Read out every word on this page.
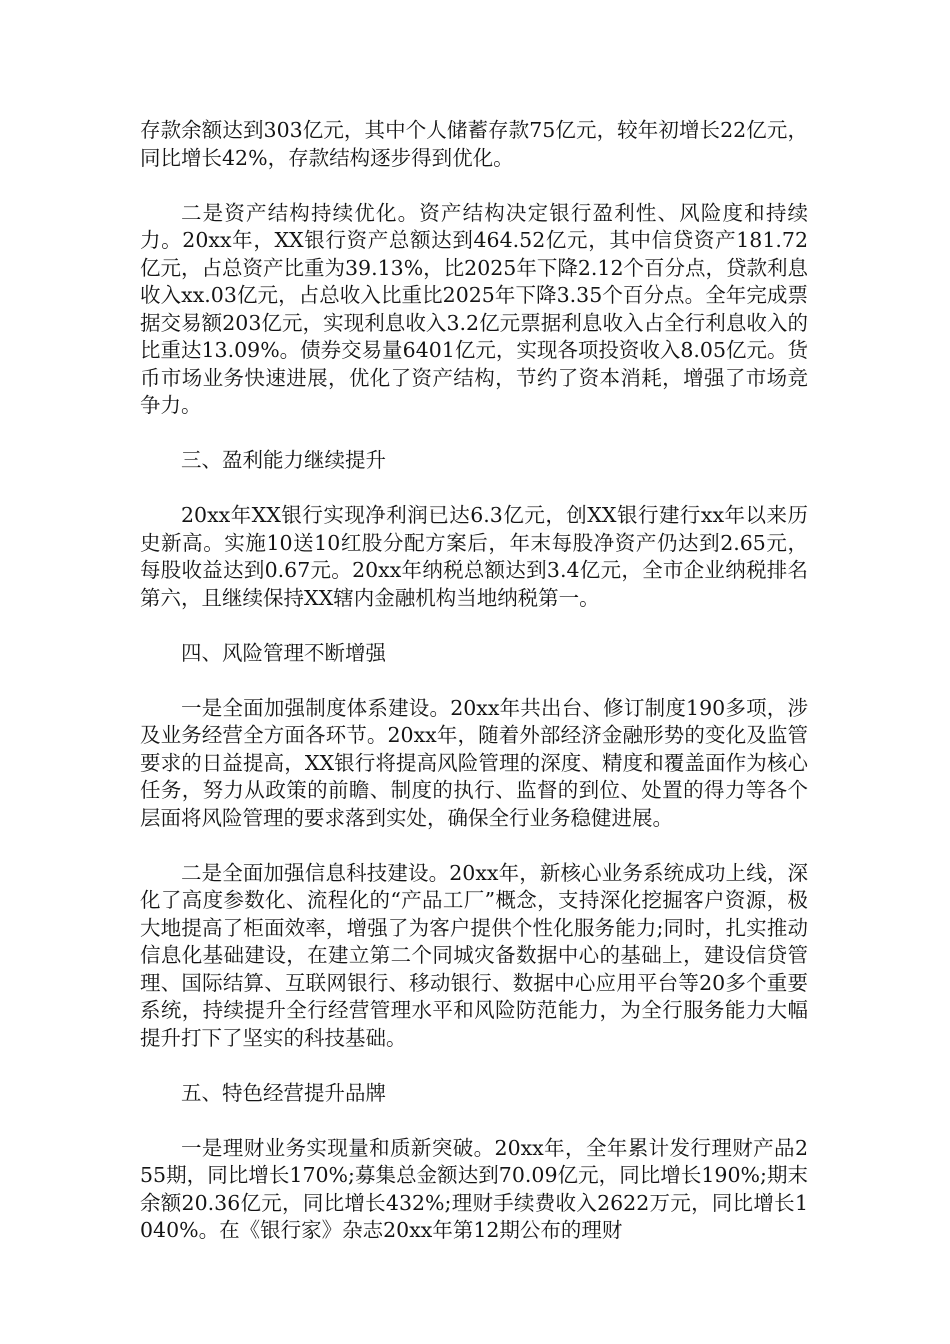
存款余额达到303亿元，其中个人储蓄存款75亿元，较年初增长22亿元，同比增长42%，存款结构逐步得到优化。

二是资产结构持续优化。资产结构决定银行盈利性、风险度和持续力。20xx年，XX银行资产总额达到464.52亿元，其中信贷资产181.72亿元，占总资产比重为39.13%，比2025年下降2.12个百分点，贷款利息收入xx.03亿元，占总收入比重比2025年下降3.35个百分点。全年完成票据交易额203亿元，实现利息收入3.2亿元票据利息收入占全行利息收入的比重达13.09%。债券交易量6401亿元，实现各项投资收入8.05亿元。货币市场业务快速进展，优化了资产结构，节约了资本消耗，增强了市场竞争力。

三、盈利能力继续提升

20xx年XX银行实现净利润已达6.3亿元，创XX银行建行xx年以来历史新高。实施10送10红股分配方案后，年末每股净资产仍达到2.65元，每股收益达到0.67元。20xx年纳税总额达到3.4亿元，全市企业纳税排名第六，且继续保持XX辖内金融机构当地纳税第一。

四、风险管理不断增强

一是全面加强制度体系建设。20xx年共出台、修订制度190多项，涉及业务经营全方面各环节。20xx年，随着外部经济金融形势的变化及监管要求的日益提高，XX银行将提高风险管理的深度、精度和覆盖面作为核心任务，努力从政策的前瞻、制度的执行、监督的到位、处置的得力等各个层面将风险管理的要求落到实处，确保全行业务稳健进展。

二是全面加强信息科技建设。20xx年，新核心业务系统成功上线，深化了高度参数化、流程化的“产品工厂”概念，支持深化挖掘客户资源，极大地提高了柜面效率，增强了为客户提供个性化服务能力;同时，扎实推动信息化基础建设，在建立第二个同城灾备数据中心的基础上，建设信贷管理、国际结算、互联网银行、移动银行、数据中心应用平台等20多个重要系统，持续提升全行经营管理水平和风险防范能力，为全行服务能力大幅提升打下了坚实的科技基础。

五、特色经营提升品牌

一是理财业务实现量和质新突破。20xx年，全年累计发行理财产品255期，同比增长170%;募集总金额达到70.09亿元，同比增长190%;期末余额20.36亿元，同比增长432%;理财手续费收入2622万元，同比增长1040%。在《银行家》杂志20xx年第12期公布的理财
